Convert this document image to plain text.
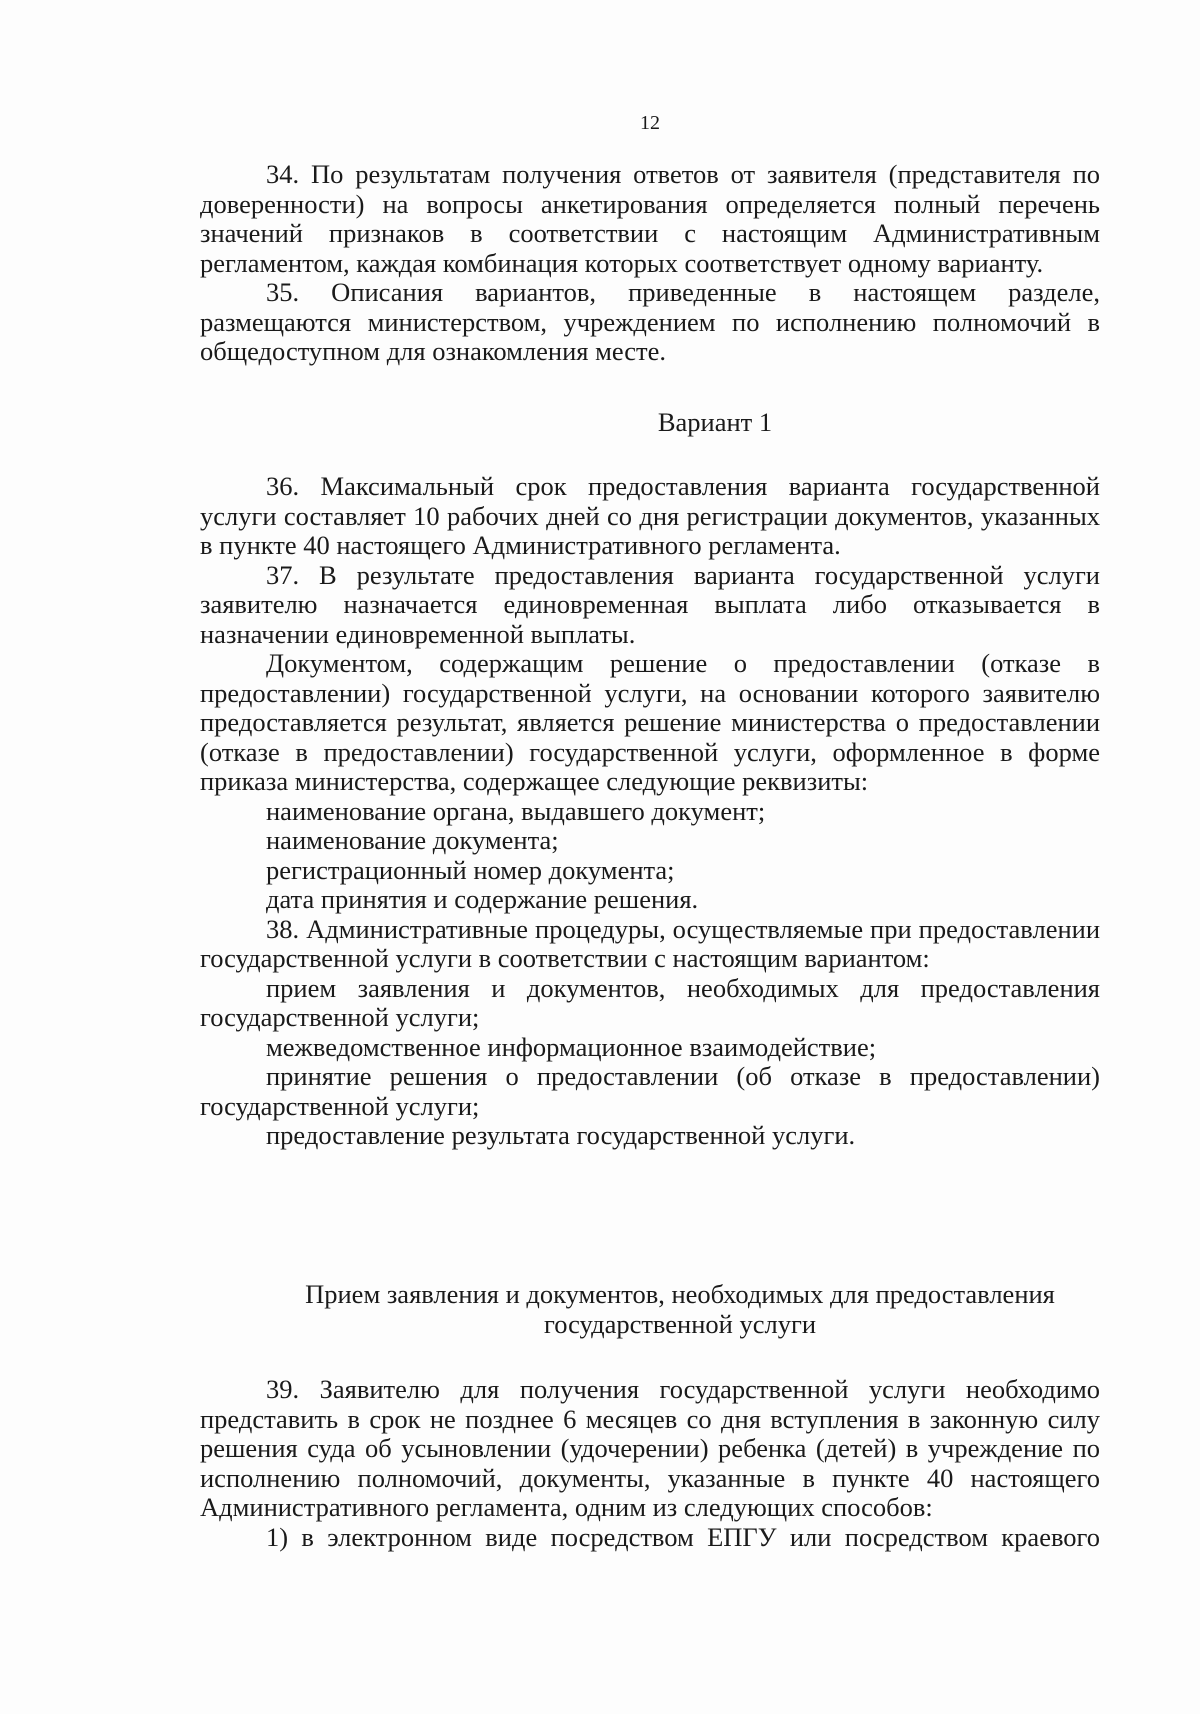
12

34. По результатам получения ответов от заявителя (представителя по доверенности) на вопросы анкетирования определяется полный перечень значений признаков в соответствии с настоящим Административным регламентом, каждая комбинация которых соответствует одному варианту.

35. Описания вариантов, приведенные в настоящем разделе, размещаются министерством, учреждением по исполнению полномочий в общедоступном для ознакомления месте.

Вариант 1

36. Максимальный срок предоставления варианта государственной услуги составляет 10 рабочих дней со дня регистрации документов, указанных в пункте 40 настоящего Административного регламента.

37. В результате предоставления варианта государственной услуги заявителю назначается единовременная выплата либо отказывается в назначении единовременной выплаты.

Документом, содержащим решение о предоставлении (отказе в предоставлении) государственной услуги, на основании которого заявителю предоставляется результат, является решение министерства о предоставлении (отказе в предоставлении) государственной услуги, оформленное в форме приказа министерства, содержащее следующие реквизиты:

наименование органа, выдавшего документ;

наименование документа;

регистрационный номер документа;

дата принятия и содержание решения.

38. Административные процедуры, осуществляемые при предоставлении государственной услуги в соответствии с настоящим вариантом:

прием заявления и документов, необходимых для предоставления государственной услуги;

межведомственное информационное взаимодействие;

принятие решения о предоставлении (об отказе в предоставлении) государственной услуги;

предоставление результата государственной услуги.

Прием заявления и документов, необходимых для предоставления
государственной услуги

39. Заявителю для получения государственной услуги необходимо представить в срок не позднее 6 месяцев со дня вступления в законную силу решения суда об усыновлении (удочерении) ребенка (детей) в учреждение по исполнению полномочий, документы, указанные в пункте 40 настоящего Административного регламента, одним из следующих способов:

1) в электронном виде посредством ЕПГУ или посредством краевого
